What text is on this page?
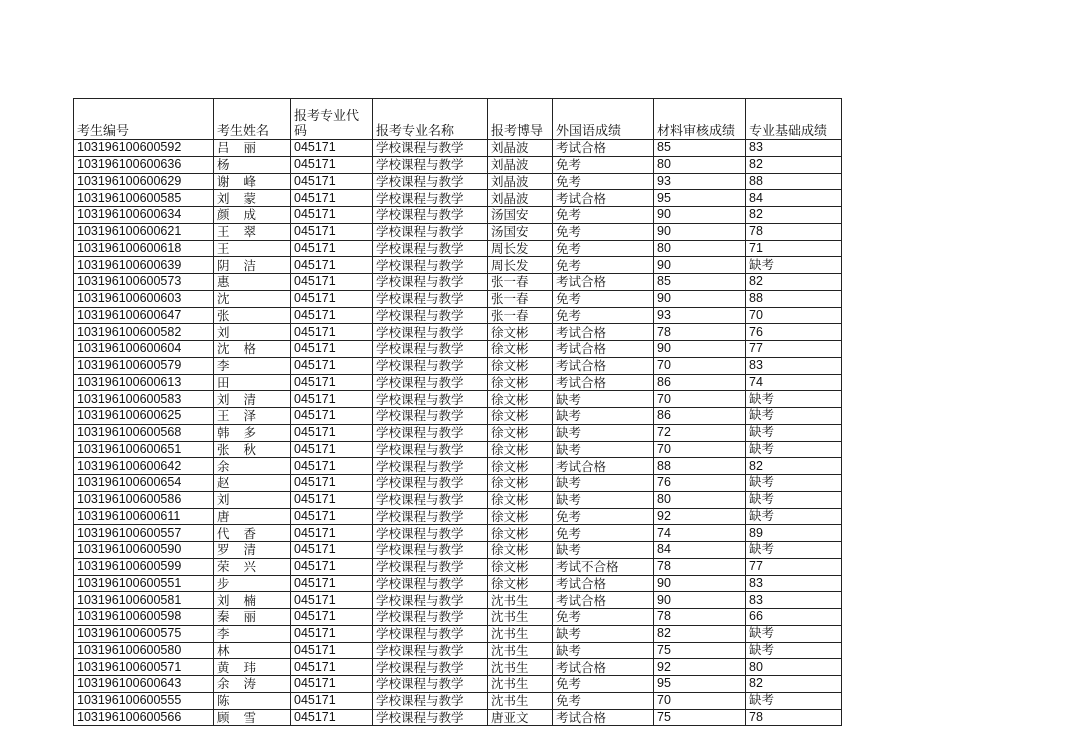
考生编号	考生姓名	报考专业代码	报考专业名称	报考博导	外国语成绩	材料审核成绩	专业基础成绩
103196100600592	吕丽	045171	学校课程与教学	刘晶波	考试合格	85	83
103196100600636	杨	045171	学校课程与教学	刘晶波	免考	80	82
103196100600629	谢峰	045171	学校课程与教学	刘晶波	免考	93	88
103196100600585	刘蒙	045171	学校课程与教学	刘晶波	考试合格	95	84
103196100600634	颜成	045171	学校课程与教学	汤国安	免考	90	82
103196100600621	王翠	045171	学校课程与教学	汤国安	免考	90	78
103196100600618	王	045171	学校课程与教学	周长发	免考	80	71
103196100600639	阴洁	045171	学校课程与教学	周长发	免考	90	缺考
103196100600573	惠	045171	学校课程与教学	张一春	考试合格	85	82
103196100600603	沈	045171	学校课程与教学	张一春	免考	90	88
103196100600647	张	045171	学校课程与教学	张一春	免考	93	70
103196100600582	刘	045171	学校课程与教学	徐文彬	考试合格	78	76
103196100600604	沈格	045171	学校课程与教学	徐文彬	考试合格	90	77
103196100600579	李	045171	学校课程与教学	徐文彬	考试合格	70	83
103196100600613	田	045171	学校课程与教学	徐文彬	考试合格	86	74
103196100600583	刘清	045171	学校课程与教学	徐文彬	缺考	70	缺考
103196100600625	王泽	045171	学校课程与教学	徐文彬	缺考	86	缺考
103196100600568	韩多	045171	学校课程与教学	徐文彬	缺考	72	缺考
103196100600651	张秋	045171	学校课程与教学	徐文彬	缺考	70	缺考
103196100600642	余	045171	学校课程与教学	徐文彬	考试合格	88	82
103196100600654	赵	045171	学校课程与教学	徐文彬	缺考	76	缺考
103196100600586	刘	045171	学校课程与教学	徐文彬	缺考	80	缺考
103196100600611	唐	045171	学校课程与教学	徐文彬	免考	92	缺考
103196100600557	代香	045171	学校课程与教学	徐文彬	免考	74	89
103196100600590	罗清	045171	学校课程与教学	徐文彬	缺考	84	缺考
103196100600599	荣兴	045171	学校课程与教学	徐文彬	考试不合格	78	77
103196100600551	步	045171	学校课程与教学	徐文彬	考试合格	90	83
103196100600581	刘楠	045171	学校课程与教学	沈书生	考试合格	90	83
103196100600598	秦丽	045171	学校课程与教学	沈书生	免考	78	66
103196100600575	李	045171	学校课程与教学	沈书生	缺考	82	缺考
103196100600580	林	045171	学校课程与教学	沈书生	缺考	75	缺考
103196100600571	黄玮	045171	学校课程与教学	沈书生	考试合格	92	80
103196100600643	余涛	045171	学校课程与教学	沈书生	免考	95	82
103196100600555	陈	045171	学校课程与教学	沈书生	免考	70	缺考
103196100600566	顾雪	045171	学校课程与教学	唐亚文	考试合格	75	78
